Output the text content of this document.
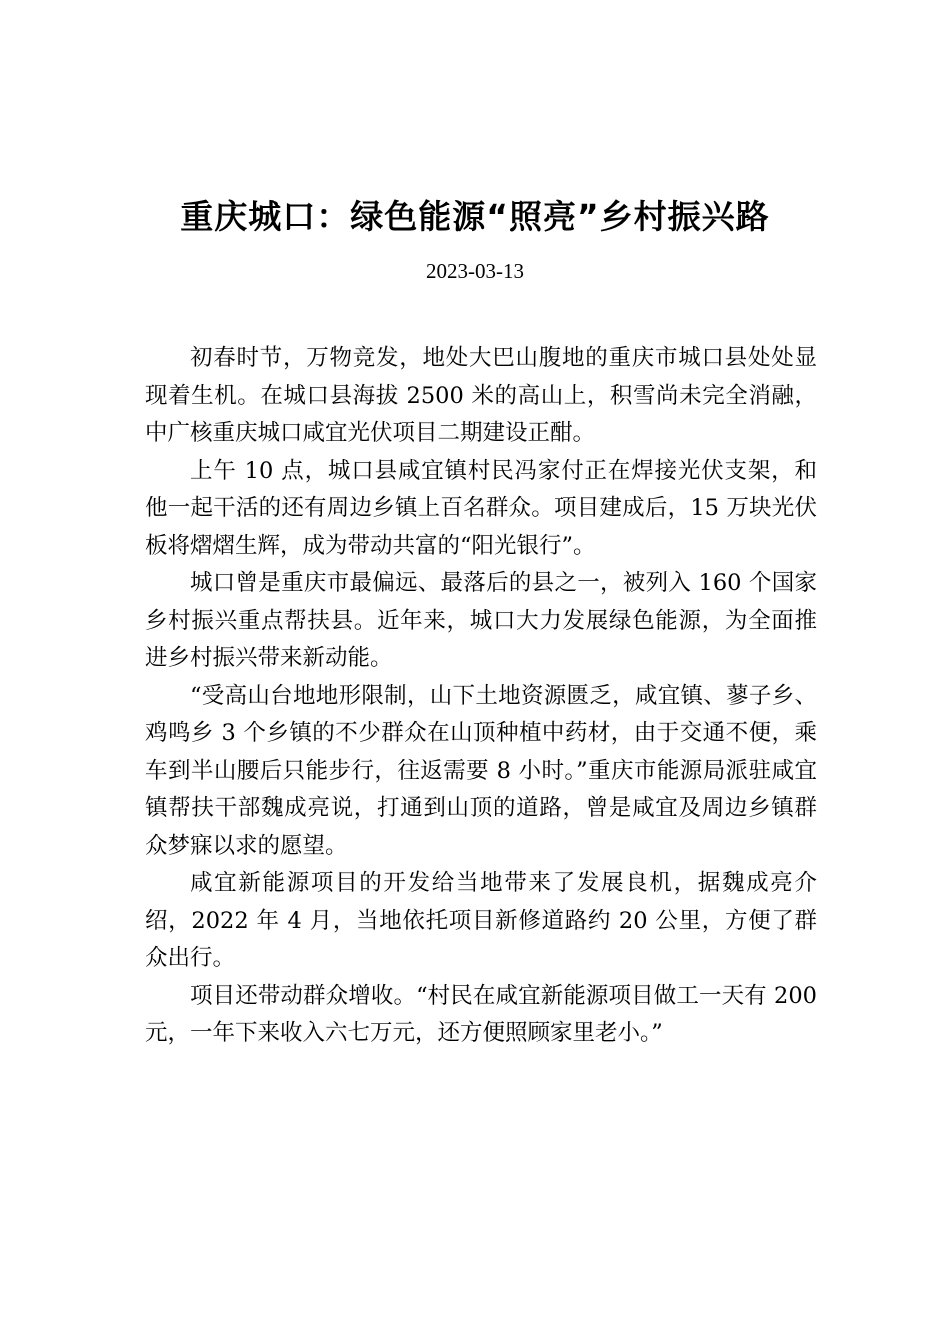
重庆城口：绿色能源“照亮”乡村振兴路
2023-03-13

初春时节，万物竞发，地处大巴山腹地的重庆市城口县处处显现着生机。在城口县海拔 2500 米的高山上，积雪尚未完全消融，中广核重庆城口咸宜光伏项目二期建设正酣。

上午 10 点，城口县咸宜镇村民冯家付正在焊接光伏支架，和他一起干活的还有周边乡镇上百名群众。项目建成后，15 万块光伏板将熠熠生辉，成为带动共富的“阳光银行”。

城口曾是重庆市最偏远、最落后的县之一，被列入 160 个国家乡村振兴重点帮扶县。近年来，城口大力发展绿色能源，为全面推进乡村振兴带来新动能。

“受高山台地地形限制，山下土地资源匮乏，咸宜镇、蓼子乡、鸡鸣乡 3 个乡镇的不少群众在山顶种植中药材，由于交通不便，乘车到半山腰后只能步行，往返需要 8 小时。”重庆市能源局派驻咸宜镇帮扶干部魏成亮说，打通到山顶的道路，曾是咸宜及周边乡镇群众梦寐以求的愿望。

咸宜新能源项目的开发给当地带来了发展良机，据魏成亮介绍，2022 年 4 月，当地依托项目新修道路约 20 公里，方便了群众出行。

项目还带动群众增收。“村民在咸宜新能源项目做工一天有 200 元，一年下来收入六七万元，还方便照顾家里老小。”
